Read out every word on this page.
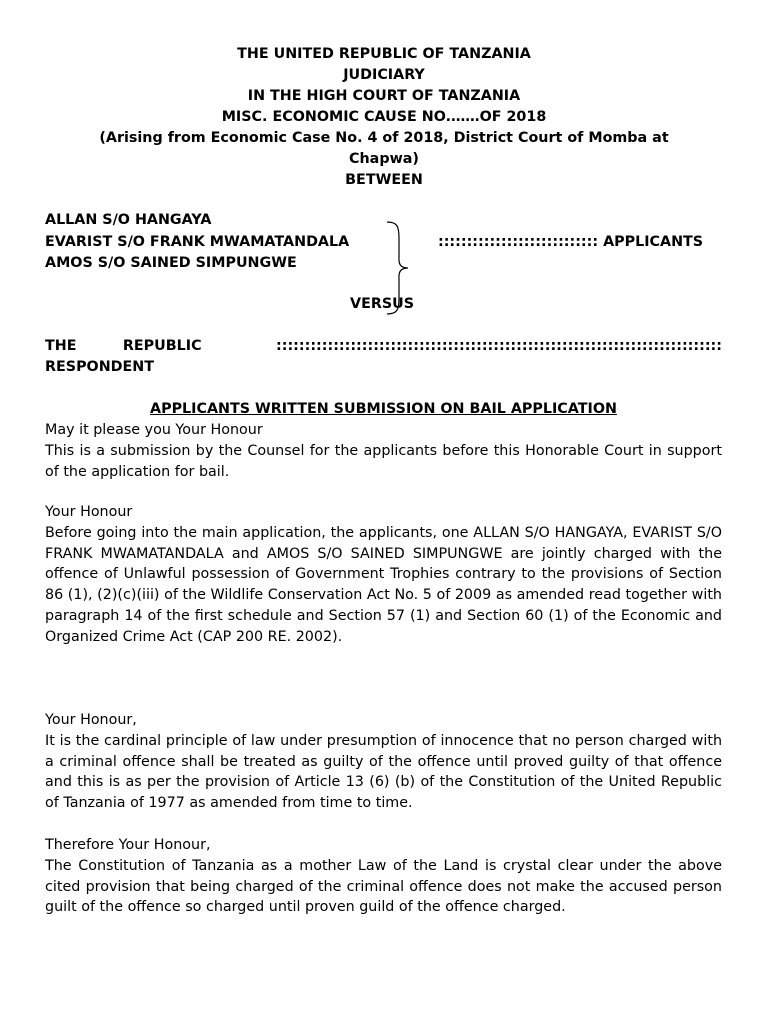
THE UNITED REPUBLIC OF TANZANIA
JUDICIARY
IN THE HIGH COURT OF TANZANIA
MISC. ECONOMIC CAUSE NO.……OF 2018
(Arising from Economic Case No. 4 of 2018, District Court of Momba at
Chapwa)
BETWEEN
ALLAN S/O HANGAYA
EVARIST S/O FRANK MWAMATANDALA
AMOS S/O SAINED SIMPUNGWE
:::::::::::::::::::::::::::: APPLICANTS
VERSUS
THE	REPUBLIC	::::::::::::::::::::::::::::::::::::::::::::::::::::::::::::::::::::::::::::::
RESPONDENT
APPLICANTS WRITTEN SUBMISSION ON BAIL APPLICATION

May it please you Your Honour

This is a submission by the Counsel for the applicants before this Honorable Court in support of the application for bail.

Your Honour

Before going into the main application, the applicants, one ALLAN S/O HANGAYA, EVARIST S/O FRANK MWAMATANDALA and AMOS S/O SAINED SIMPUNGWE are jointly charged with the offence of Unlawful possession of Government Trophies contrary to the provisions of Section 86 (1), (2)(c)(iii) of the Wildlife Conservation Act No. 5 of 2009 as amended read together with paragraph 14 of the first schedule and Section 57 (1) and Section 60 (1) of the Economic and Organized Crime Act (CAP 200 RE. 2002).

Your Honour,

It is the cardinal principle of law under presumption of innocence that no person charged with a criminal offence shall be treated as guilty of the offence until proved guilty of that offence and this is as per the provision of Article 13 (6) (b) of the Constitution of the United Republic of Tanzania of 1977 as amended from time to time.

Therefore Your Honour,

The Constitution of Tanzania as a mother Law of the Land is crystal clear under the above cited provision that being charged of the criminal offence does not make the accused person guilt of the offence so charged until proven guild of the offence charged.
